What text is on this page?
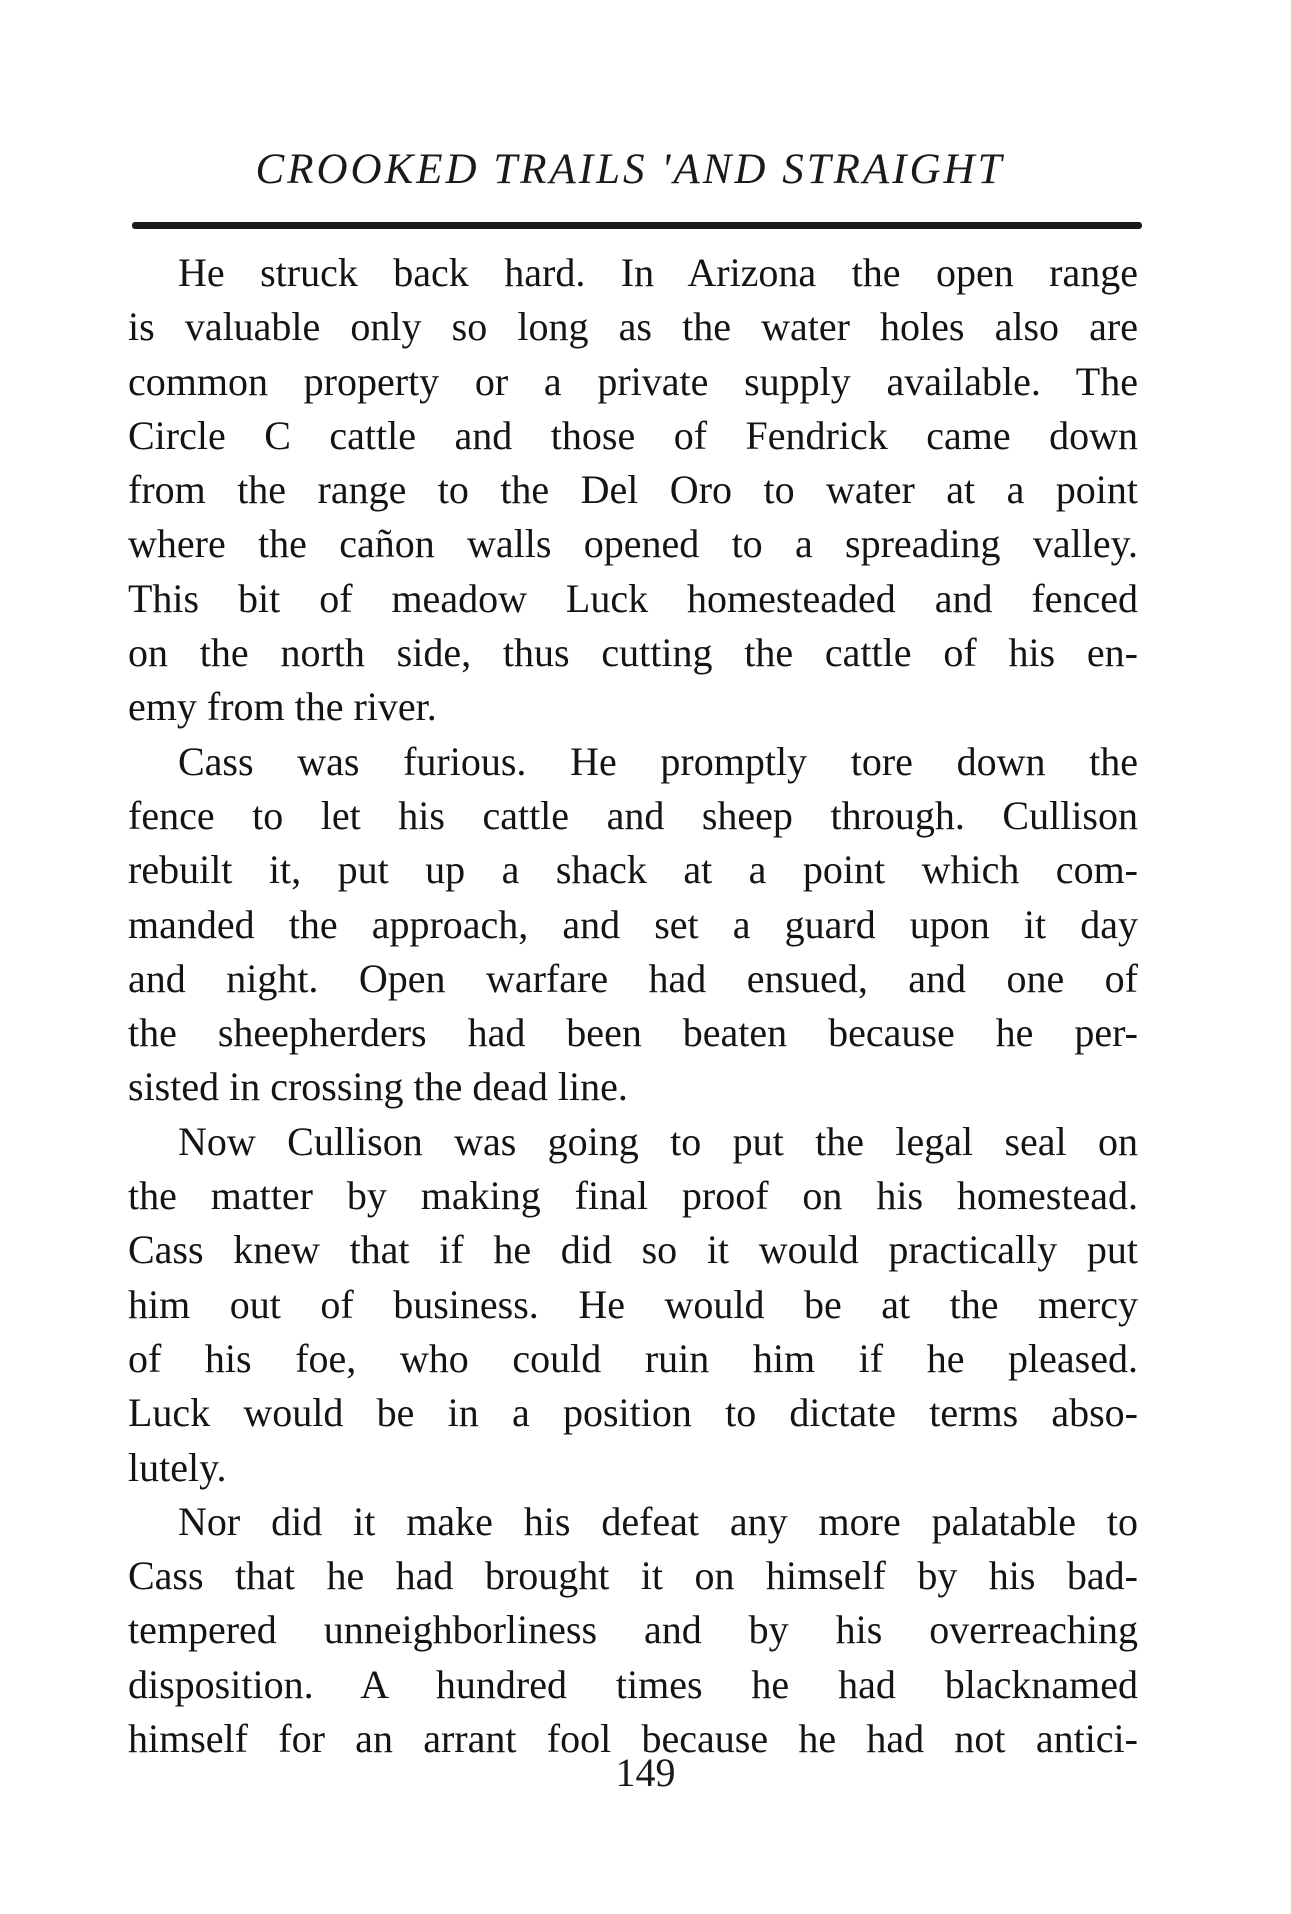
CROOKED TRAILS 'AND STRAIGHT
He struck back hard. In Arizona the open range
is valuable only so long as the water holes also are
common property or a private supply available. The
Circle C cattle and those of Fendrick came down
from the range to the Del Oro to water at a point
where the cañon walls opened to a spreading valley.
This bit of meadow Luck homesteaded and fenced
on the north side, thus cutting the cattle of his en-
emy from the river.
Cass was furious. He promptly tore down the
fence to let his cattle and sheep through. Cullison
rebuilt it, put up a shack at a point which com-
manded the approach, and set a guard upon it day
and night. Open warfare had ensued, and one of
the sheepherders had been beaten because he per-
sisted in crossing the dead line.
Now Cullison was going to put the legal seal on
the matter by making final proof on his homestead.
Cass knew that if he did so it would practically put
him out of business. He would be at the mercy
of his foe, who could ruin him if he pleased.
Luck would be in a position to dictate terms abso-
lutely.
Nor did it make his defeat any more palatable to
Cass that he had brought it on himself by his bad-
tempered unneighborliness and by his overreaching
disposition. A hundred times he had blacknamed
himself for an arrant fool because he had not antici-
149
